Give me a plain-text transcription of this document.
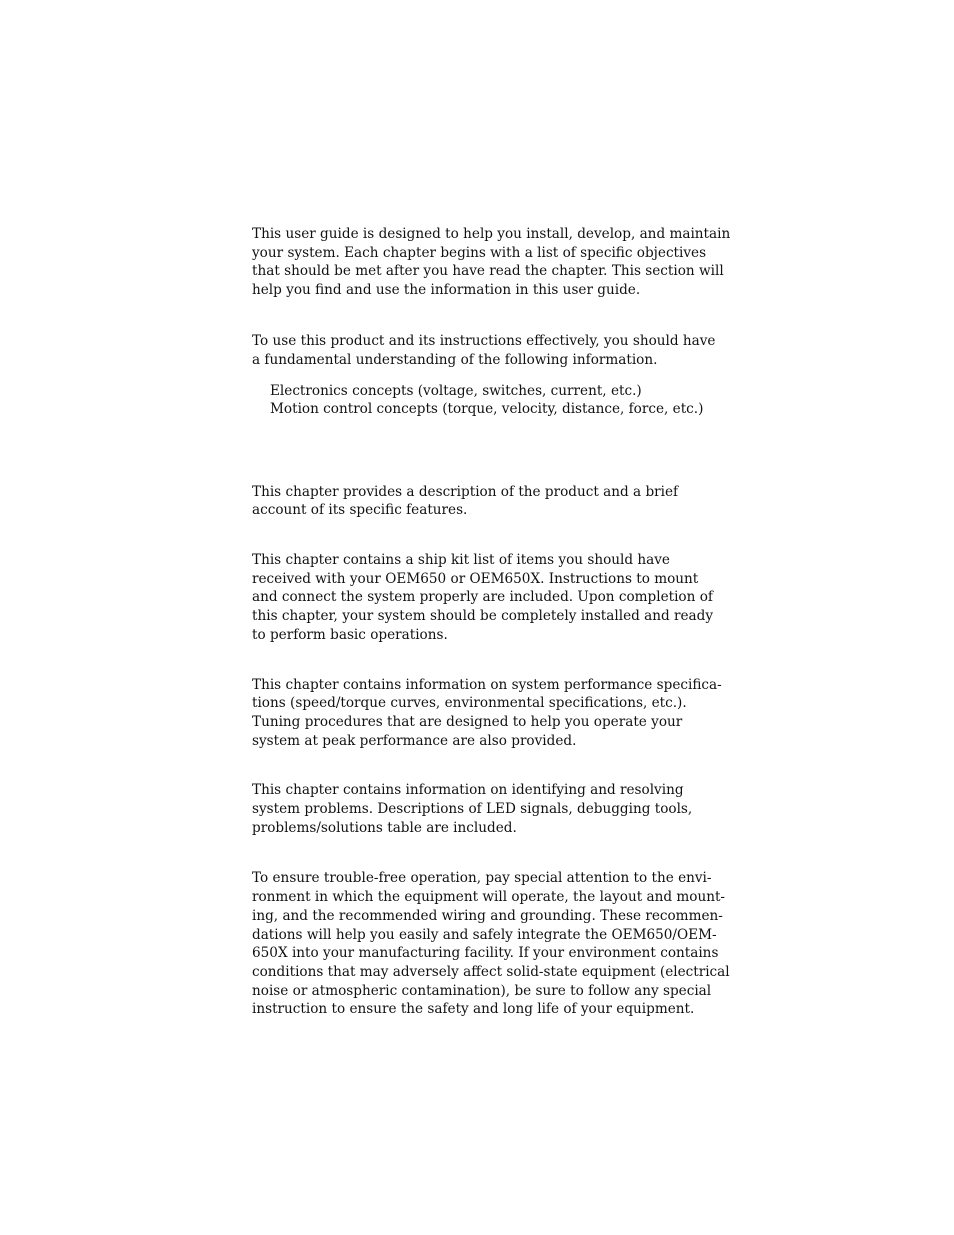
This user guide is designed to help you install, develop, and maintain
your system. Each chapter begins with a list of specific objectives
that should be met after you have read the chapter. This section will
help you find and use the information in this user guide.

To use this product and its instructions effectively, you should have
a fundamental understanding of the following information.

Electronics concepts (voltage, switches, current, etc.)
Motion control concepts (torque, velocity, distance, force, etc.)

This chapter provides a description of the product and a brief
account of its specific features.

This chapter contains a ship kit list of items you should have
received with your OEM650 or OEM650X. Instructions to mount
and connect the system properly are included. Upon completion of
this chapter, your system should be completely installed and ready
to perform basic operations.

This chapter contains information on system performance specifica-
tions (speed/torque curves, environmental specifications, etc.).
Tuning procedures that are designed to help you operate your
system at peak performance are also provided.

This chapter contains information on identifying and resolving
system problems. Descriptions of LED signals, debugging tools,
problems/solutions table are included.

To ensure trouble-free operation, pay special attention to the envi-
ronment in which the equipment will operate, the layout and mount-
ing, and the recommended wiring and grounding. These recommen-
dations will help you easily and safely integrate the OEM650/OEM-
650X into your manufacturing facility. If your environment contains
conditions that may adversely affect solid-state equipment (electrical
noise or atmospheric contamination), be sure to follow any special
instruction to ensure the safety and long life of your equipment.
